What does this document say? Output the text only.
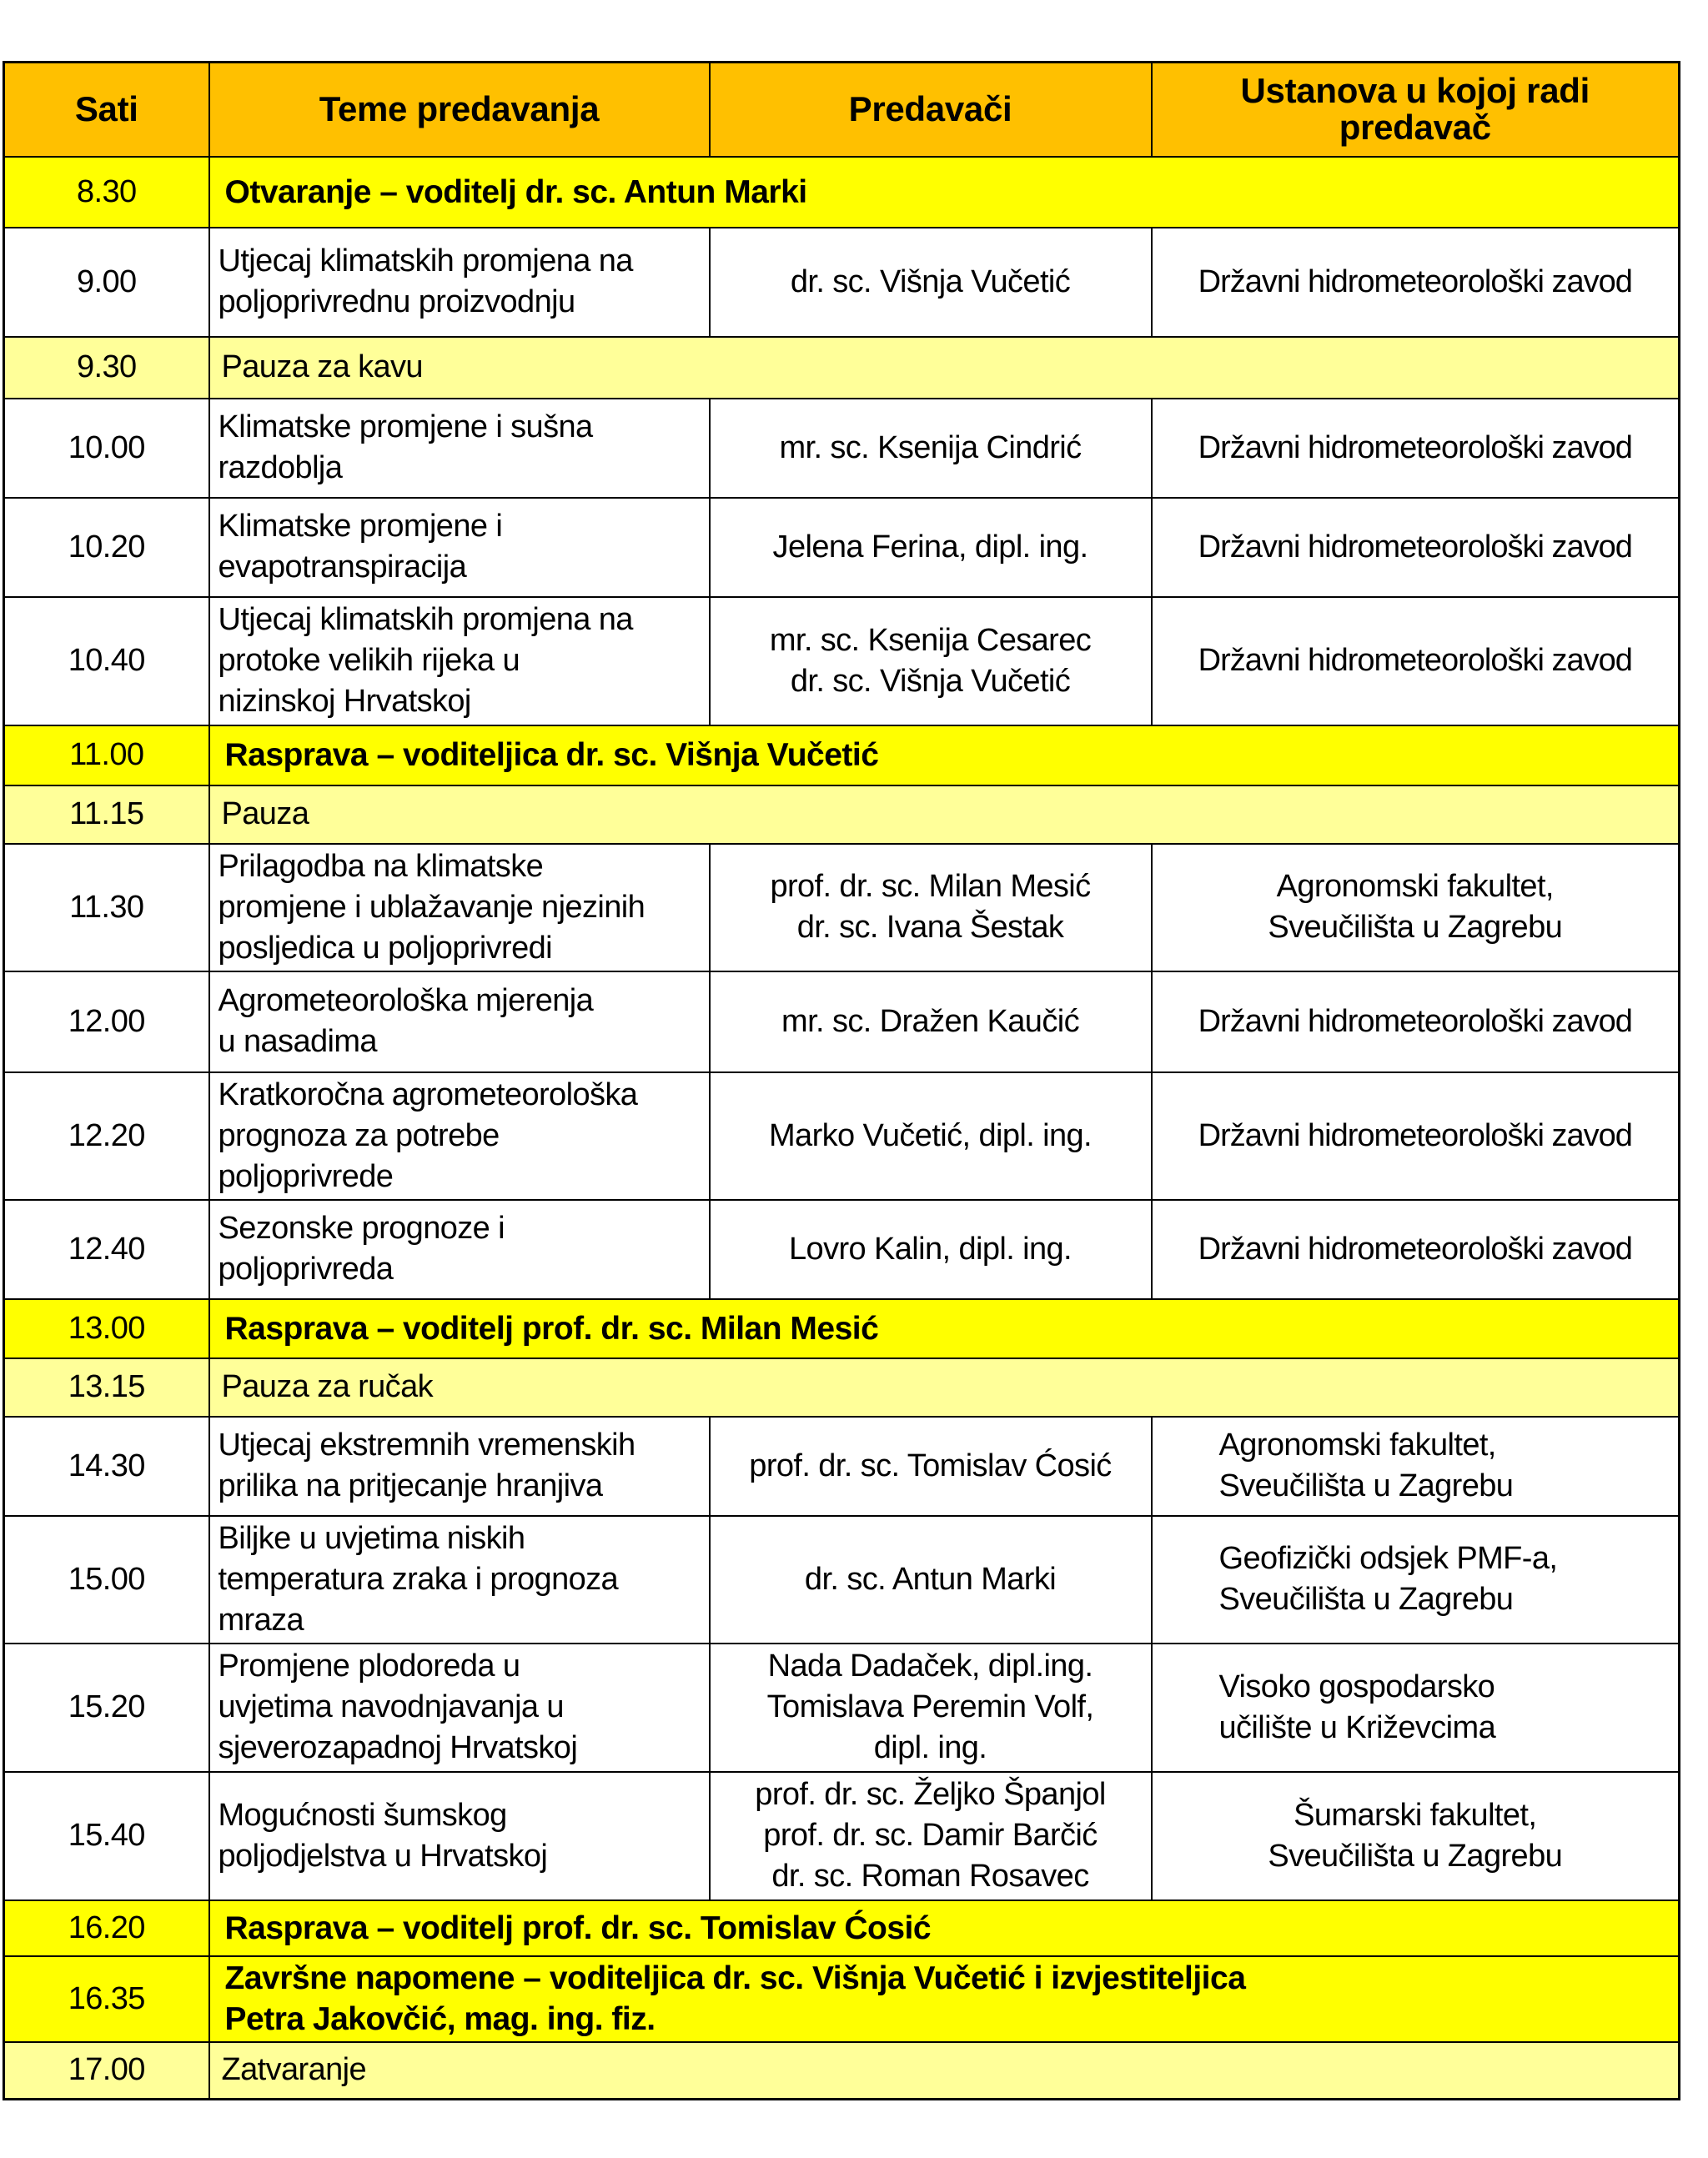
Sati	Teme predavanja	Predavači	Ustanova u kojoj radi predavač
8.30	Otvaranje – voditelj dr. sc. Antun Marki		

9.00	Utjecaj klimatskih promjena na
poljoprivrednu proizvodnju	dr. sc. Višnja Vučetić	Državni hidrometeorološki zavod

9.30	Pauza za kavu		

10.00	Klimatske promjene i sušna
razdoblja	mr. sc. Ksenija Cindrić	Državni hidrometeorološki zavod

10.20	Klimatske promjene i
evapotranspiracija	Jelena Ferina, dipl. ing.	Državni hidrometeorološki zavod

10.40	Utjecaj klimatskih promjena na
protoke velikih rijeka u
nizinskoj Hrvatskoj	mr. sc. Ksenija Cesarec
dr. sc. Višnja Vučetić	Državni hidrometeorološki zavod

11.00	Rasprava – voditeljica dr. sc. Višnja Vučetić		

11.15	Pauza		

11.30	Prilagodba na klimatske
promjene i ublažavanje njezinih
posljedica u poljoprivredi	prof. dr. sc. Milan Mesić
dr. sc. Ivana Šestak	Agronomski fakultet,
Sveučilišta u Zagrebu

12.00	Agrometeorološka mjerenja
u nasadima	mr. sc. Dražen Kaučić	Državni hidrometeorološki zavod

12.20	Kratkoročna agrometeorološka
prognoza za potrebe
poljoprivrede	Marko Vučetić, dipl. ing.	Državni hidrometeorološki zavod

12.40	Sezonske prognoze i
poljoprivreda	Lovro Kalin, dipl. ing.	Državni hidrometeorološki zavod

13.00	Rasprava – voditelj prof. dr. sc. Milan Mesić		

13.15	Pauza za ručak		

14.30	Utjecaj ekstremnih vremenskih
prilika na pritjecanje hranjiva	prof. dr. sc. Tomislav Ćosić	Agronomski fakultet,
Sveučilišta u Zagrebu

15.00	Biljke u uvjetima niskih
temperatura zraka i prognoza
mraza	dr. sc. Antun Marki	Geofizički odsjek PMF-a,
Sveučilišta u Zagrebu

15.20	Promjene plodoreda u
uvjetima navodnjavanja u
sjeverozapadnoj Hrvatskoj	Nada Dadaček, dipl.ing.
Tomislava Peremin Volf,
dipl. ing.	Visoko gospodarsko
učilište u Križevcima

15.40	Mogućnosti šumskog
poljodjelstva u Hrvatskoj	prof. dr. sc. Željko Španjol
prof. dr. sc. Damir Barčić
dr. sc. Roman Rosavec	Šumarski fakultet,
Sveučilišta u Zagrebu

16.20	Rasprava – voditelj prof. dr. sc. Tomislav Ćosić		

16.35	Završne napomene – voditeljica dr. sc. Višnja Vučetić i izvjestiteljica
Petra Jakovčić, mag. ing. fiz.		

17.00	Zatvaranje		
